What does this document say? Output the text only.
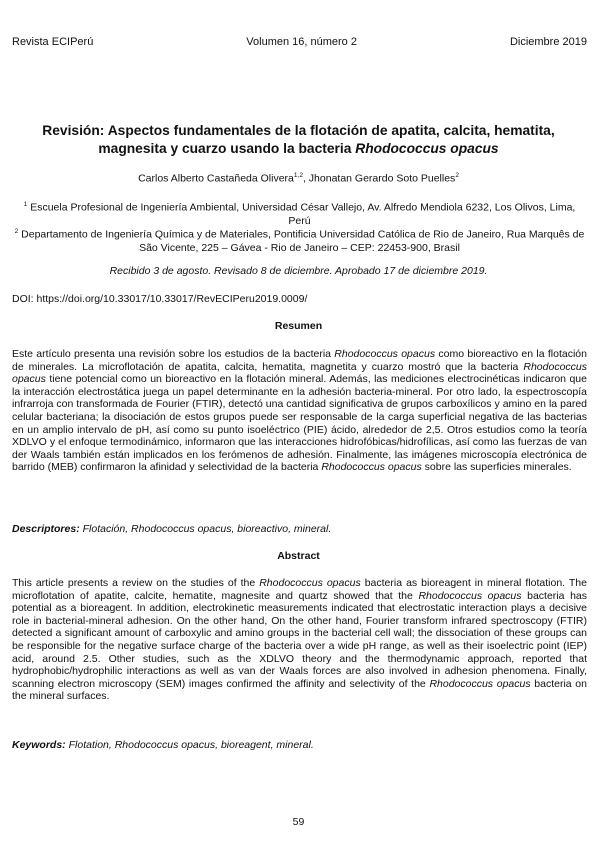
Revista ECIPerú	Volumen 16, número 2	Diciembre 2019
Revisión: Aspectos fundamentales de la flotación de apatita, calcita, hematita, magnesita y cuarzo usando la bacteria Rhodococcus opacus
Carlos Alberto Castañeda Olivera$^{1,2}$, Jhonatan Gerardo Soto Puelles$^2$
$^1$ Escuela Profesional de Ingeniería Ambiental, Universidad César Vallejo, Av. Alfredo Mendiola 6232, Los Olivos, Lima, Perú
$^2$ Departamento de Ingeniería Química y de Materiales, Pontificia Universidad Católica de Rio de Janeiro, Rua Marquês de São Vicente, 225 – Gávea - Rio de Janeiro – CEP: 22453-900, Brasil
Recibido 3 de agosto. Revisado 8 de diciembre. Aprobado 17 de diciembre 2019.
DOI: https://doi.org/10.33017/10.33017/RevECIPeru2019.0009/
Resumen
Este artículo presenta una revisión sobre los estudios de la bacteria Rhodococcus opacus como bioreactivo en la flotación de minerales. La microflotación de apatita, calcita, hematita, magnetita y cuarzo mostró que la bacteria Rhodococcus opacus tiene potencial como un bioreactivo en la flotación mineral. Además, las mediciones electrocinéticas indicaron que la interacción electrostática juega un papel determinante en la adhesión bacteria-mineral. Por otro lado, la espectroscopía infrarroja con transformada de Fourier (FTIR), detectó una cantidad significativa de grupos carboxílicos y amino en la pared celular bacteriana; la disociación de estos grupos puede ser responsable de la carga superficial negativa de las bacterias en un amplio intervalo de pH, así como su punto isoeléctrico (PIE) ácido, alrededor de 2,5. Otros estudios como la teoría XDLVO y el enfoque termodinámico, informaron que las interacciones hidrofóbicas/hidrofílicas, así como las fuerzas de van der Waals también están implicados en los ferómenos de adhesión. Finalmente, las imágenes microscopía electrónica de barrido (MEB) confirmaron la afinidad y selectividad de la bacteria Rhodococcus opacus sobre las superficies minerales.
Descriptores: Flotación, Rhodococcus opacus, bioreactivo, mineral.
Abstract
This article presents a review on the studies of the Rhodococcus opacus bacteria as bioreagent in mineral flotation. The microflotation of apatite, calcite, hematite, magnesite and quartz showed that the Rhodococcus opacus bacteria has potential as a bioreagent. In addition, electrokinetic measurements indicated that electrostatic interaction plays a decisive role in bacterial-mineral adhesion. On the other hand, On the other hand, Fourier transform infrared spectroscopy (FTIR) detected a significant amount of carboxylic and amino groups in the bacterial cell wall; the dissociation of these groups can be responsible for the negative surface charge of the bacteria over a wide pH range, as well as their isoelectric point (IEP) acid, around 2.5. Other studies, such as the XDLVO theory and the thermodynamic approach, reported that hydrophobic/hydrophilic interactions as well as van der Waals forces are also involved in adhesion phenomena. Finally, scanning electron microscopy (SEM) images confirmed the affinity and selectivity of the Rhodococcus opacus bacteria on the mineral surfaces.
Keywords: Flotation, Rhodococcus opacus, bioreagent, mineral.
59
